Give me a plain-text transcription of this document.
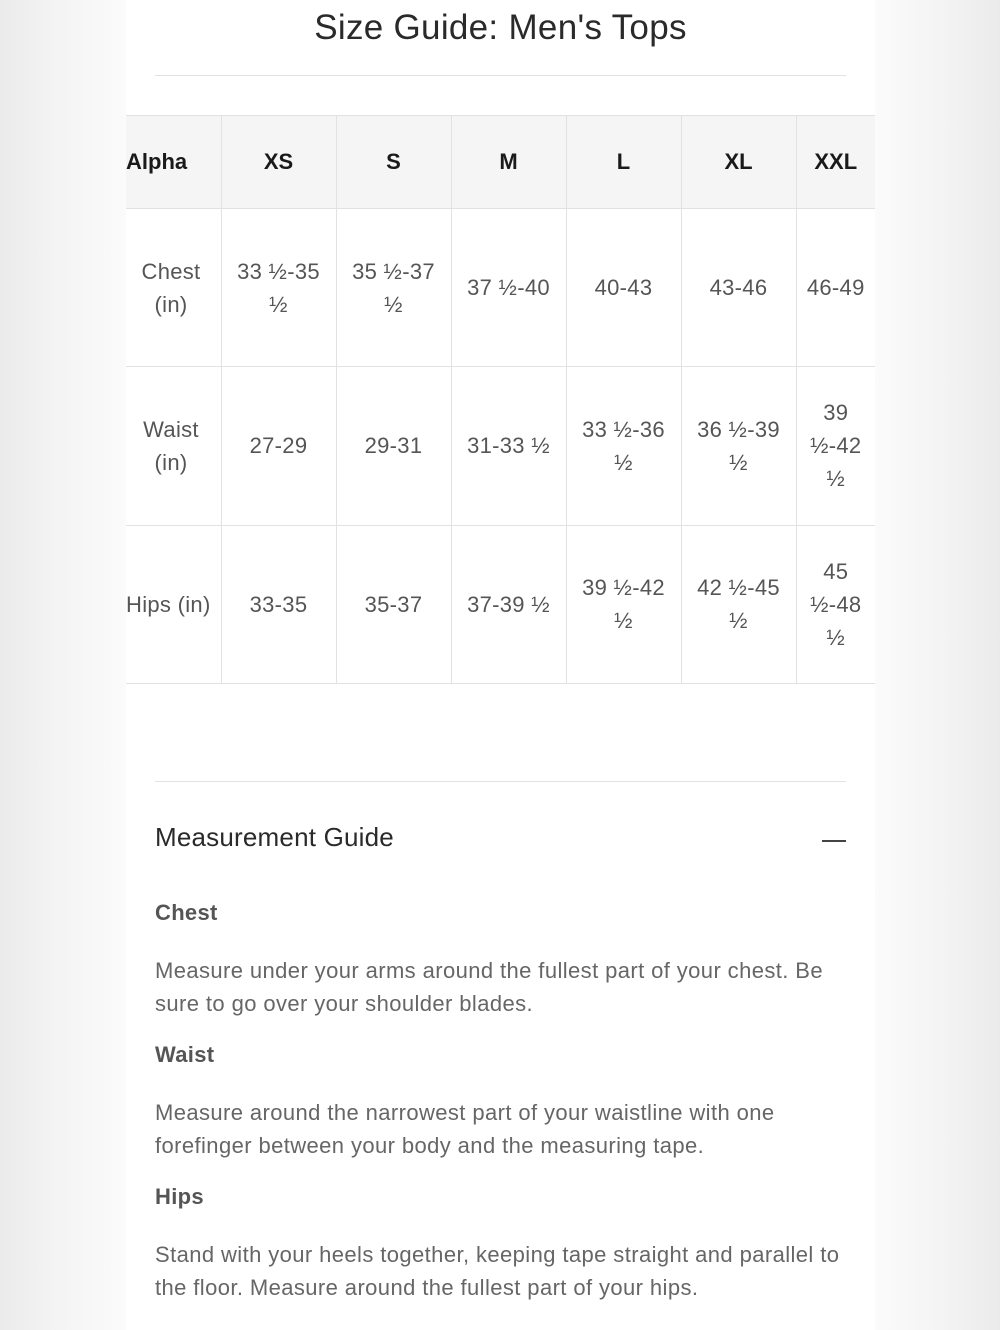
Size Guide: Men's Tops
Alpha	XS	S	M	L	XL	XXL
Chest (in)	33 ½-35 ½	35 ½-37 ½	37 ½-40	40-43	43-46	46-49
Waist (in)	27-29	29-31	31-33 ½	33 ½-36 ½	36 ½-39 ½	39 ½-42 ½
Hips (in)	33-35	35-37	37-39 ½	39 ½-42 ½	42 ½-45 ½	45 ½-48 ½
Measurement Guide

Chest

Measure under your arms around the fullest part of your chest. Be sure to go over your shoulder blades.

Waist

Measure around the narrowest part of your waistline with one forefinger between your body and the measuring tape.

Hips

Stand with your heels together, keeping tape straight and parallel to the floor. Measure around the fullest part of your hips.
